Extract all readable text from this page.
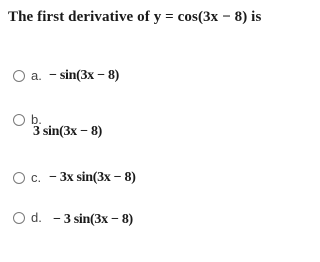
The first derivative of y = cos(3x − 8) is
a. − sin(3x − 8)
b.
3 sin(3x − 8)
c. − 3x sin(3x − 8)
d. − 3 sin(3x − 8)
